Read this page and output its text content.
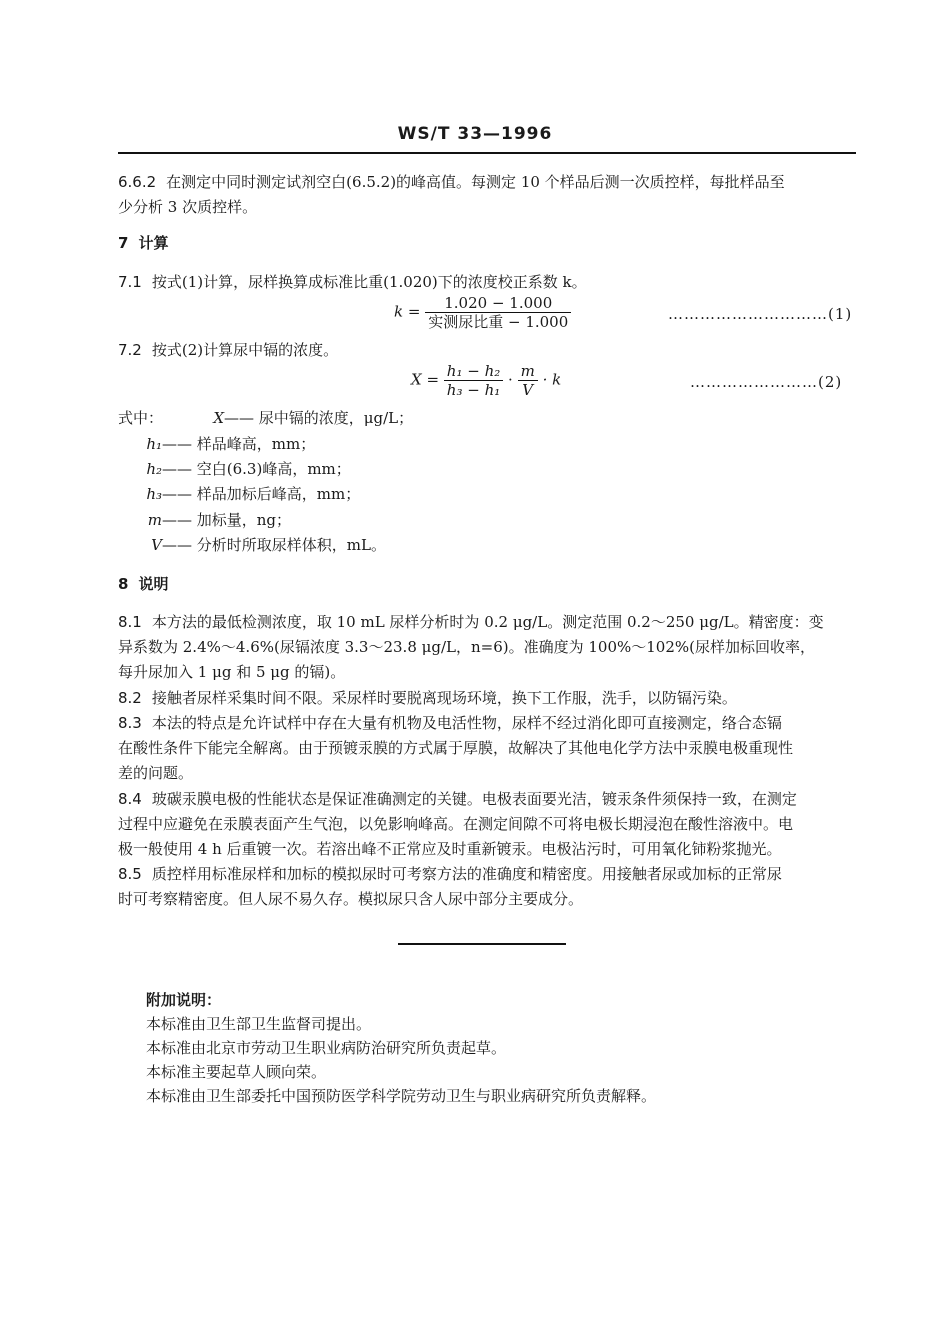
WS/T 33—1996
6.6.2 在测定中同时测定试剂空白(6.5.2)的峰高值。每测定 10 个样品后测一次质控样，每批样品至
少分析 3 次质控样。
7 计算
7.1 按式(1)计算，尿样换算成标准比重(1.020)下的浓度校正系数 k。
$k = \frac{1.020 - 1.000}{\text{实测尿比重 − 1.000}}$	…………………………(1)
7.2 按式(2)计算尿中镉的浓度。
$X = \frac{\text{h₁ − h₂}}{\text{h₃ − h₁}} \cdot \frac{m}{V} \cdot k$	……………………(2)
式中：	X—— 尿中镉的浓度，μg/L；
h₁—— 样品峰高，mm；
h₂—— 空白(6.3)峰高，mm；
h₃—— 样品加标后峰高，mm；
m—— 加标量，ng；
V—— 分析时所取尿样体积，mL。
8 说明
8.1 本方法的最低检测浓度，取 10 mL 尿样分析时为 0.2 μg/L。测定范围 0.2～250 μg/L。精密度：变
异系数为 2.4%～4.6%(尿镉浓度 3.3～23.8 μg/L，n=6)。准确度为 100%～102%(尿样加标回收率，
每升尿加入 1 μg 和 5 μg 的镉)。
8.2 接触者尿样采集时间不限。采尿样时要脱离现场环境，换下工作服，洗手，以防镉污染。
8.3 本法的特点是允许试样中存在大量有机物及电活性物，尿样不经过消化即可直接测定，络合态镉
在酸性条件下能完全解离。由于预镀汞膜的方式属于厚膜，故解决了其他电化学方法中汞膜电极重现性
差的问题。
8.4 玻碳汞膜电极的性能状态是保证准确测定的关键。电极表面要光洁，镀汞条件须保持一致，在测定
过程中应避免在汞膜表面产生气泡，以免影响峰高。在测定间隙不可将电极长期浸泡在酸性溶液中。电
极一般使用 4 h 后重镀一次。若溶出峰不正常应及时重新镀汞。电极沾污时，可用氧化铈粉浆抛光。
8.5 质控样用标准尿样和加标的模拟尿时可考察方法的准确度和精密度。用接触者尿或加标的正常尿
时可考察精密度。但人尿不易久存。模拟尿只含人尿中部分主要成分。
附加说明：
本标准由卫生部卫生监督司提出。
本标准由北京市劳动卫生职业病防治研究所负责起草。
本标准主要起草人顾向荣。
本标准由卫生部委托中国预防医学科学院劳动卫生与职业病研究所负责解释。
